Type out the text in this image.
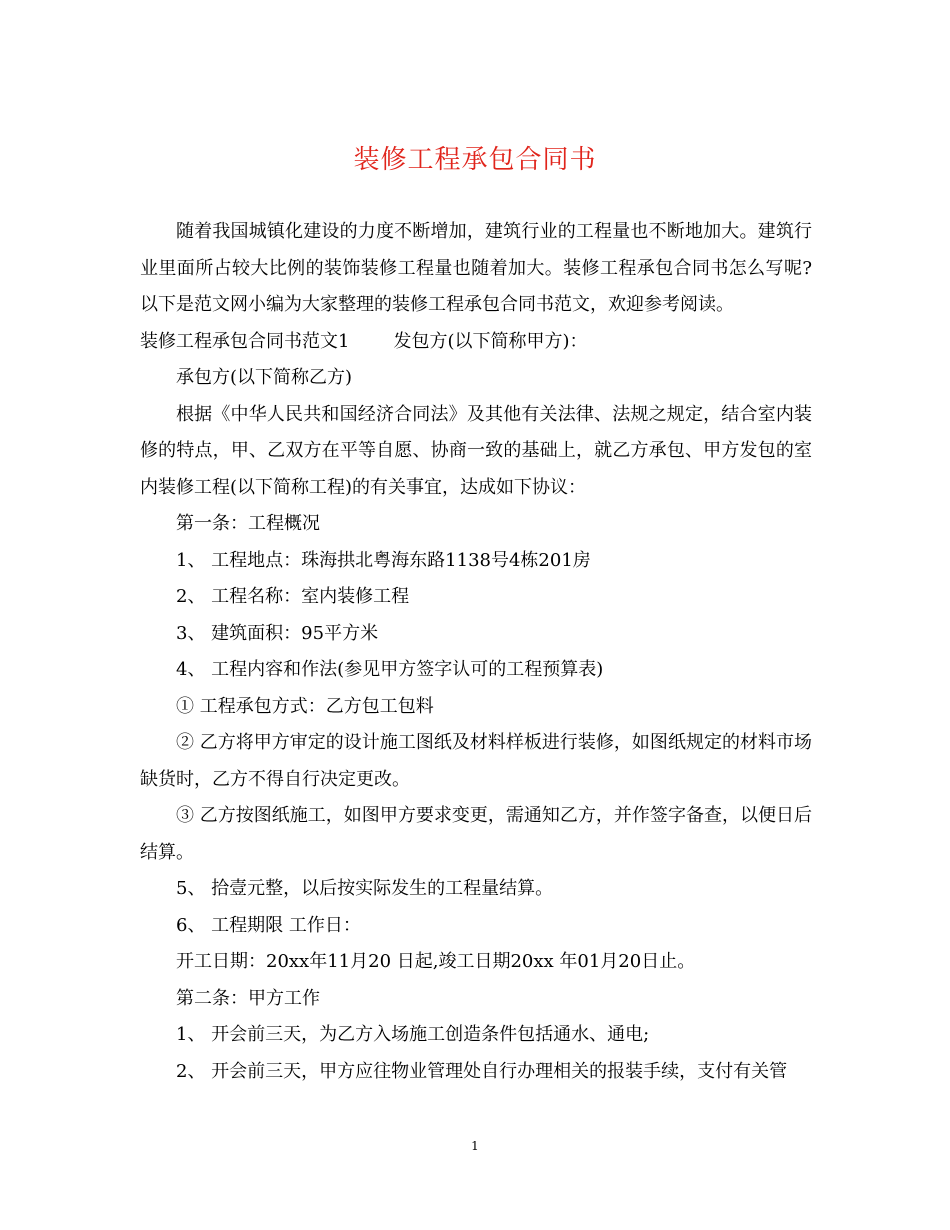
装修工程承包合同书

随着我国城镇化建设的力度不断增加，建筑行业的工程量也不断地加大。建筑行业里面所占较大比例的装饰装修工程量也随着加大。装修工程承包合同书怎么写呢?以下是范文网小编为大家整理的装修工程承包合同书范文，欢迎参考阅读。

装修工程承包合同书范文1 发包方(以下简称甲方)：

承包方(以下简称乙方)

根据《中华人民共和国经济合同法》及其他有关法律、法规之规定，结合室内装修的特点，甲、乙双方在平等自愿、协商一致的基础上，就乙方承包、甲方发包的室内装修工程(以下简称工程)的有关事宜，达成如下协议：

第一条：工程概况

1、 工程地点：珠海拱北粤海东路1138号4栋201房

2、 工程名称：室内装修工程

3、 建筑面积：95平方米

4、 工程内容和作法(参见甲方签字认可的工程预算表)

① 工程承包方式：乙方包工包料

② 乙方将甲方审定的设计施工图纸及材料样板进行装修，如图纸规定的材料市场缺货时，乙方不得自行决定更改。

③ 乙方按图纸施工，如图甲方要求变更，需通知乙方，并作签字备查，以便日后结算。

5、 拾壹元整，以后按实际发生的工程量结算。

6、 工程期限 工作日：

开工日期：20xx年11月20 日起,竣工日期20xx 年01月20日止。

第二条：甲方工作

1、 开会前三天，为乙方入场施工创造条件包括通水、通电;

2、 开会前三天，甲方应往物业管理处自行办理相关的报装手续，支付有关管

1
